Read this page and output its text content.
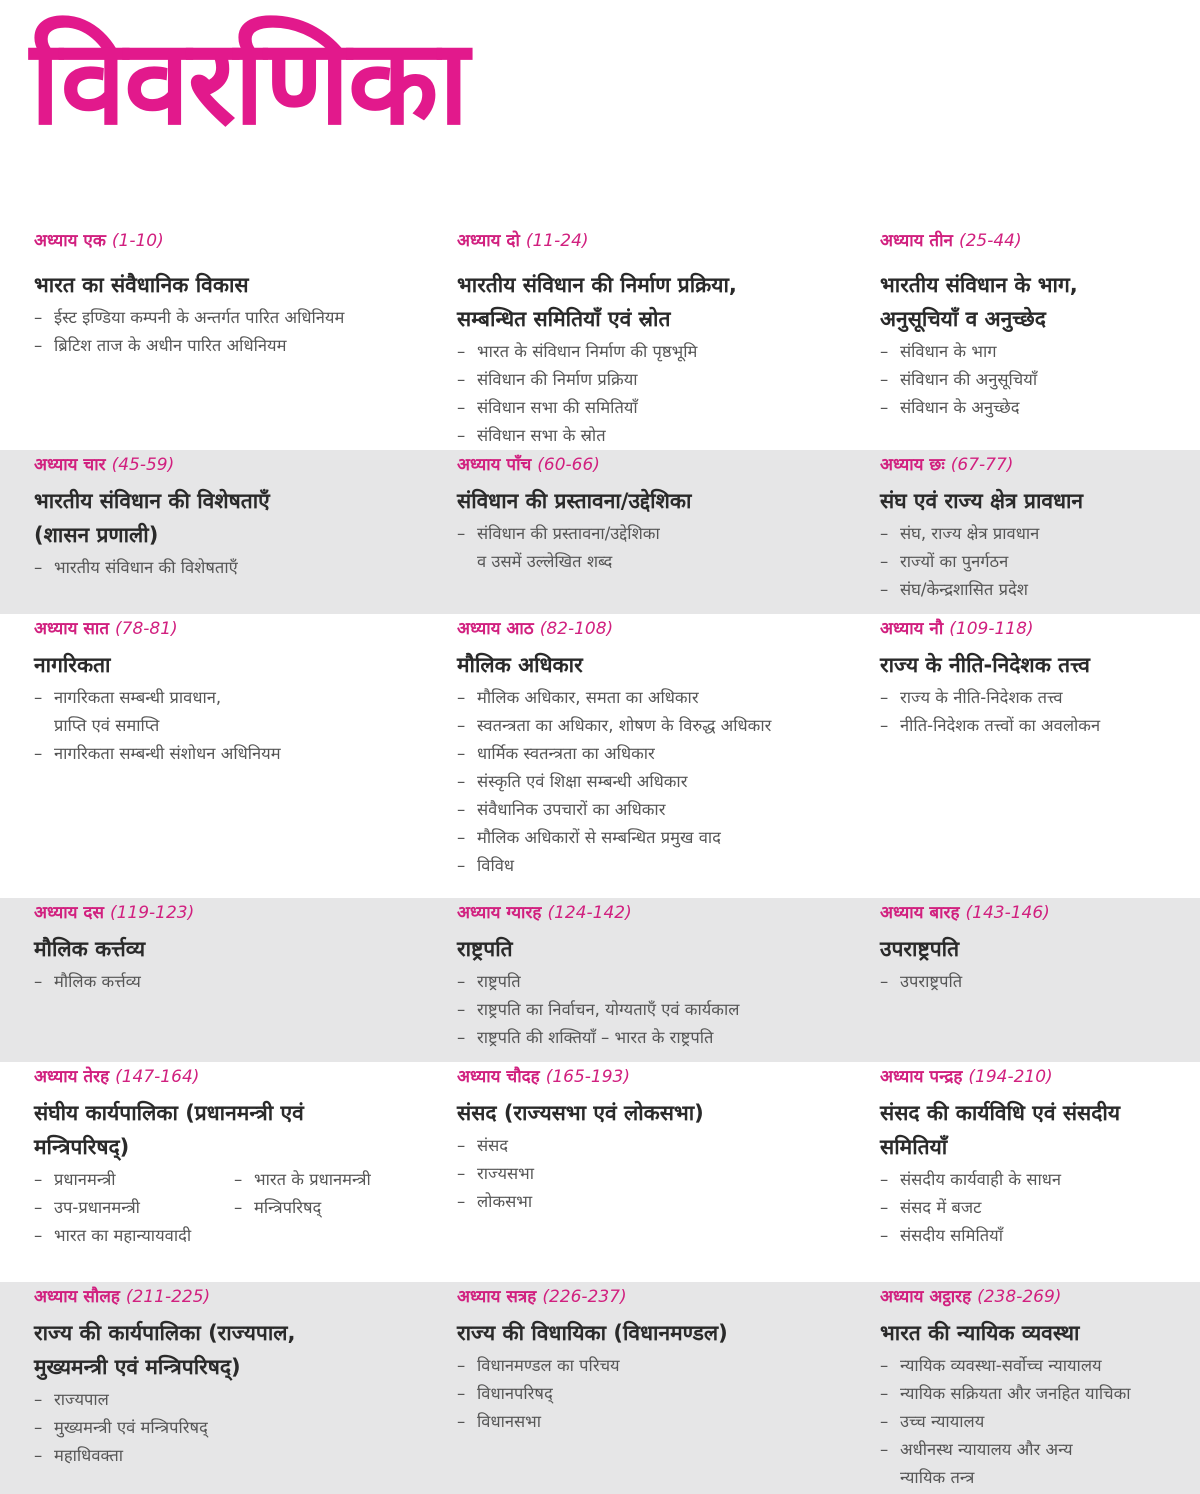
विवरणिका
अध्याय एक (1-10)
भारत का संवैधानिक विकास
– ईस्ट इण्डिया कम्पनी के अन्तर्गत पारित अधिनियम
– ब्रिटिश ताज के अधीन पारित अधिनियम
अध्याय दो (11-24)
भारतीय संविधान की निर्माण प्रक्रिया,
सम्बन्धित समितियाँ एवं स्रोत
– भारत के संविधान निर्माण की पृष्ठभूमि
– संविधान की निर्माण प्रक्रिया
– संविधान सभा की समितियाँ
– संविधान सभा के स्रोत
अध्याय तीन (25-44)
भारतीय संविधान के भाग,
अनुसूचियाँ व अनुच्छेद
– संविधान के भाग
– संविधान की अनुसूचियाँ
– संविधान के अनुच्छेद
अध्याय चार (45-59)
भारतीय संविधान की विशेषताएँ
(शासन प्रणाली)
– भारतीय संविधान की विशेषताएँ
अध्याय पाँच (60-66)
संविधान की प्रस्तावना/उद्देशिका
– संविधान की प्रस्तावना/उद्देशिका
व उसमें उल्लेखित शब्द
अध्याय छः (67-77)
संघ एवं राज्य क्षेत्र प्रावधान
– संघ, राज्य क्षेत्र प्रावधान
– राज्यों का पुनर्गठन
– संघ/केन्द्रशासित प्रदेश
अध्याय सात (78-81)
नागरिकता
– नागरिकता सम्बन्धी प्रावधान,
प्राप्ति एवं समाप्ति
– नागरिकता सम्बन्धी संशोधन अधिनियम
अध्याय आठ (82-108)
मौलिक अधिकार
– मौलिक अधिकार, समता का अधिकार
– स्वतन्त्रता का अधिकार, शोषण के विरुद्ध अधिकार
– धार्मिक स्वतन्त्रता का अधिकार
– संस्कृति एवं शिक्षा सम्बन्धी अधिकार
– संवैधानिक उपचारों का अधिकार
– मौलिक अधिकारों से सम्बन्धित प्रमुख वाद
– विविध
अध्याय नौ (109-118)
राज्य के नीति-निदेशक तत्त्व
– राज्य के नीति-निदेशक तत्त्व
– नीति-निदेशक तत्त्वों का अवलोकन
अध्याय दस (119-123)
मौलिक कर्त्तव्य
– मौलिक कर्त्तव्य
अध्याय ग्यारह (124-142)
राष्ट्रपति
– राष्ट्रपति
– राष्ट्रपति का निर्वाचन, योग्यताएँ एवं कार्यकाल
– राष्ट्रपति की शक्तियाँ – भारत के राष्ट्रपति
अध्याय बारह (143-146)
उपराष्ट्रपति
– उपराष्ट्रपति
अध्याय तेरह (147-164)
संघीय कार्यपालिका (प्रधानमन्त्री एवं
मन्त्रिपरिषद्)
– प्रधानमन्त्री
– उप-प्रधानमन्त्री
– भारत का महान्यायवादी
– भारत के प्रधानमन्त्री
– मन्त्रिपरिषद्
अध्याय चौदह (165-193)
संसद (राज्यसभा एवं लोकसभा)
– संसद
– राज्यसभा
– लोकसभा
अध्याय पन्द्रह (194-210)
संसद की कार्यविधि एवं संसदीय
समितियाँ
– संसदीय कार्यवाही के साधन
– संसद में बजट
– संसदीय समितियाँ
अध्याय सौलह (211-225)
राज्य की कार्यपालिका (राज्यपाल,
मुख्यमन्त्री एवं मन्त्रिपरिषद्)
– राज्यपाल
– मुख्यमन्त्री एवं मन्त्रिपरिषद्
– महाधिवक्ता
अध्याय सत्रह (226-237)
राज्य की विधायिका (विधानमण्डल)
– विधानमण्डल का परिचय
– विधानपरिषद्
– विधानसभा
अध्याय अट्ठारह (238-269)
भारत की न्यायिक व्यवस्था
– न्यायिक व्यवस्था-सर्वोच्च न्यायालय
– न्यायिक सक्रियता और जनहित याचिका
– उच्च न्यायालय
– अधीनस्थ न्यायालय और अन्य
न्यायिक तन्त्र
